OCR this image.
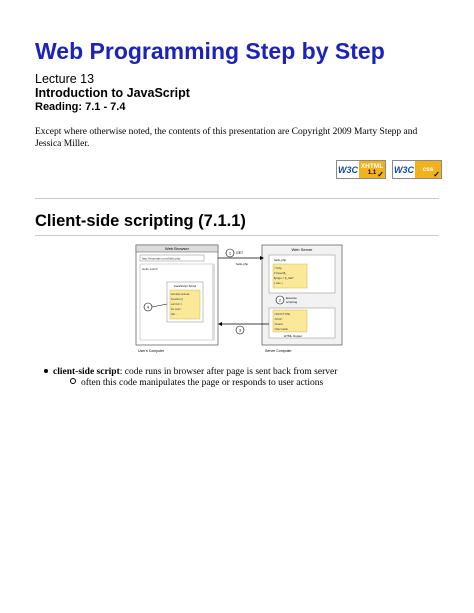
Web Programming Step by Step
Lecture 13
Introduction to JavaScript
Reading: 7.1 - 7.4
Except where otherwise noted, the contents of this presentation are Copyright 2009 Marty Stepp and Jessica Miller.
W3C XHTML
1.1 ✓ W3C css
✓
Client-side scripting (7.1.1)
Web Browser
http://example.com/hello.php
Hello world!
JavaScript Script
window.onload
function()
var hdr =
for (var i
hdr...
4
User's Computer
Web Server
hello.php
<?php
if (isset($_
$page = $_GET
} else {
2 Execute
scripting
<!DOCTYPE
<html>
<head>
<title>Hello
HTML Output
Server Computer
1 GET
hello.php
3
client-side script: code runs in browser after page is sent back from server
often this code manipulates the page or responds to user actions
